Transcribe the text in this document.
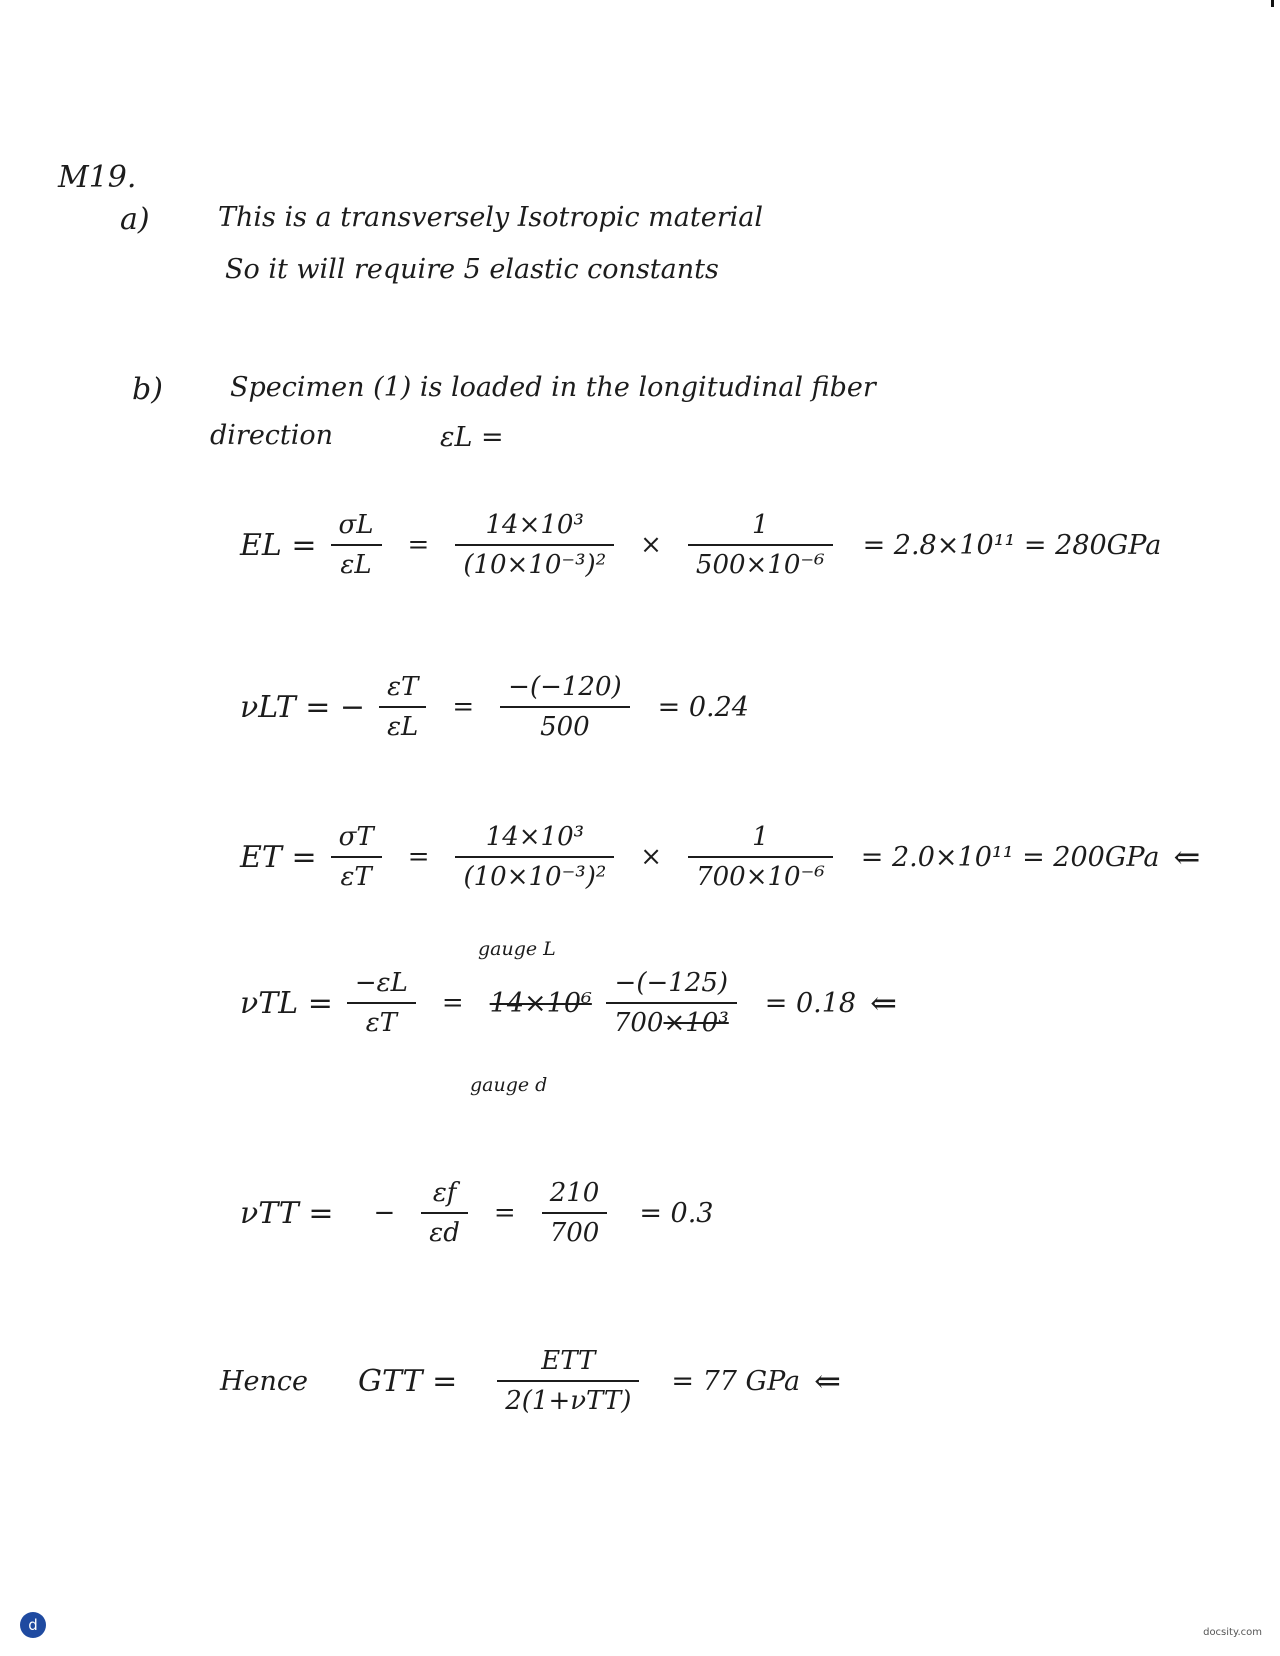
M19.
a)	This is a transversely Isotropic material
So it will require 5 elastic constants
b) Specimen (1) is loaded in the longitudinal fiber
direction	εL =
EL = $\frac{\sigma L}{\varepsilon L} = \frac{\text{14×10³}}{\text{(10×10⁻³)²}} \times \frac{1}{\text{500×10⁻⁶}} = 2.8\times 10^{11} = 280GPa$
νLT = − $\frac{\varepsilon T}{\varepsilon L} = \frac{-(-120)}{500} = 0.24$
ET = $\frac{\sigma T}{\varepsilon T} = \frac{\text{14×10³}}{\text{(10×10⁻³)²}} \times \frac{1}{\text{700×10⁻⁶}} = 2.0\times 10^{11} = 200GPa$ ⇐
gauge L
$\nu TL = \frac{-\varepsilon L}{\varepsilon T} = 14\times 10^6 \frac{-(-125)}{\text{700×10³}} = 0.18$ ⇐
gauge d
νTT = − $\frac{\varepsilon f}{\varepsilon d} = \frac{210}{700} = 0.3$
Hence GTT = $\frac{\text{ETT}}{\text{2(1+νTT)}} = 77$ GPa ⇐
d	docsity.com
